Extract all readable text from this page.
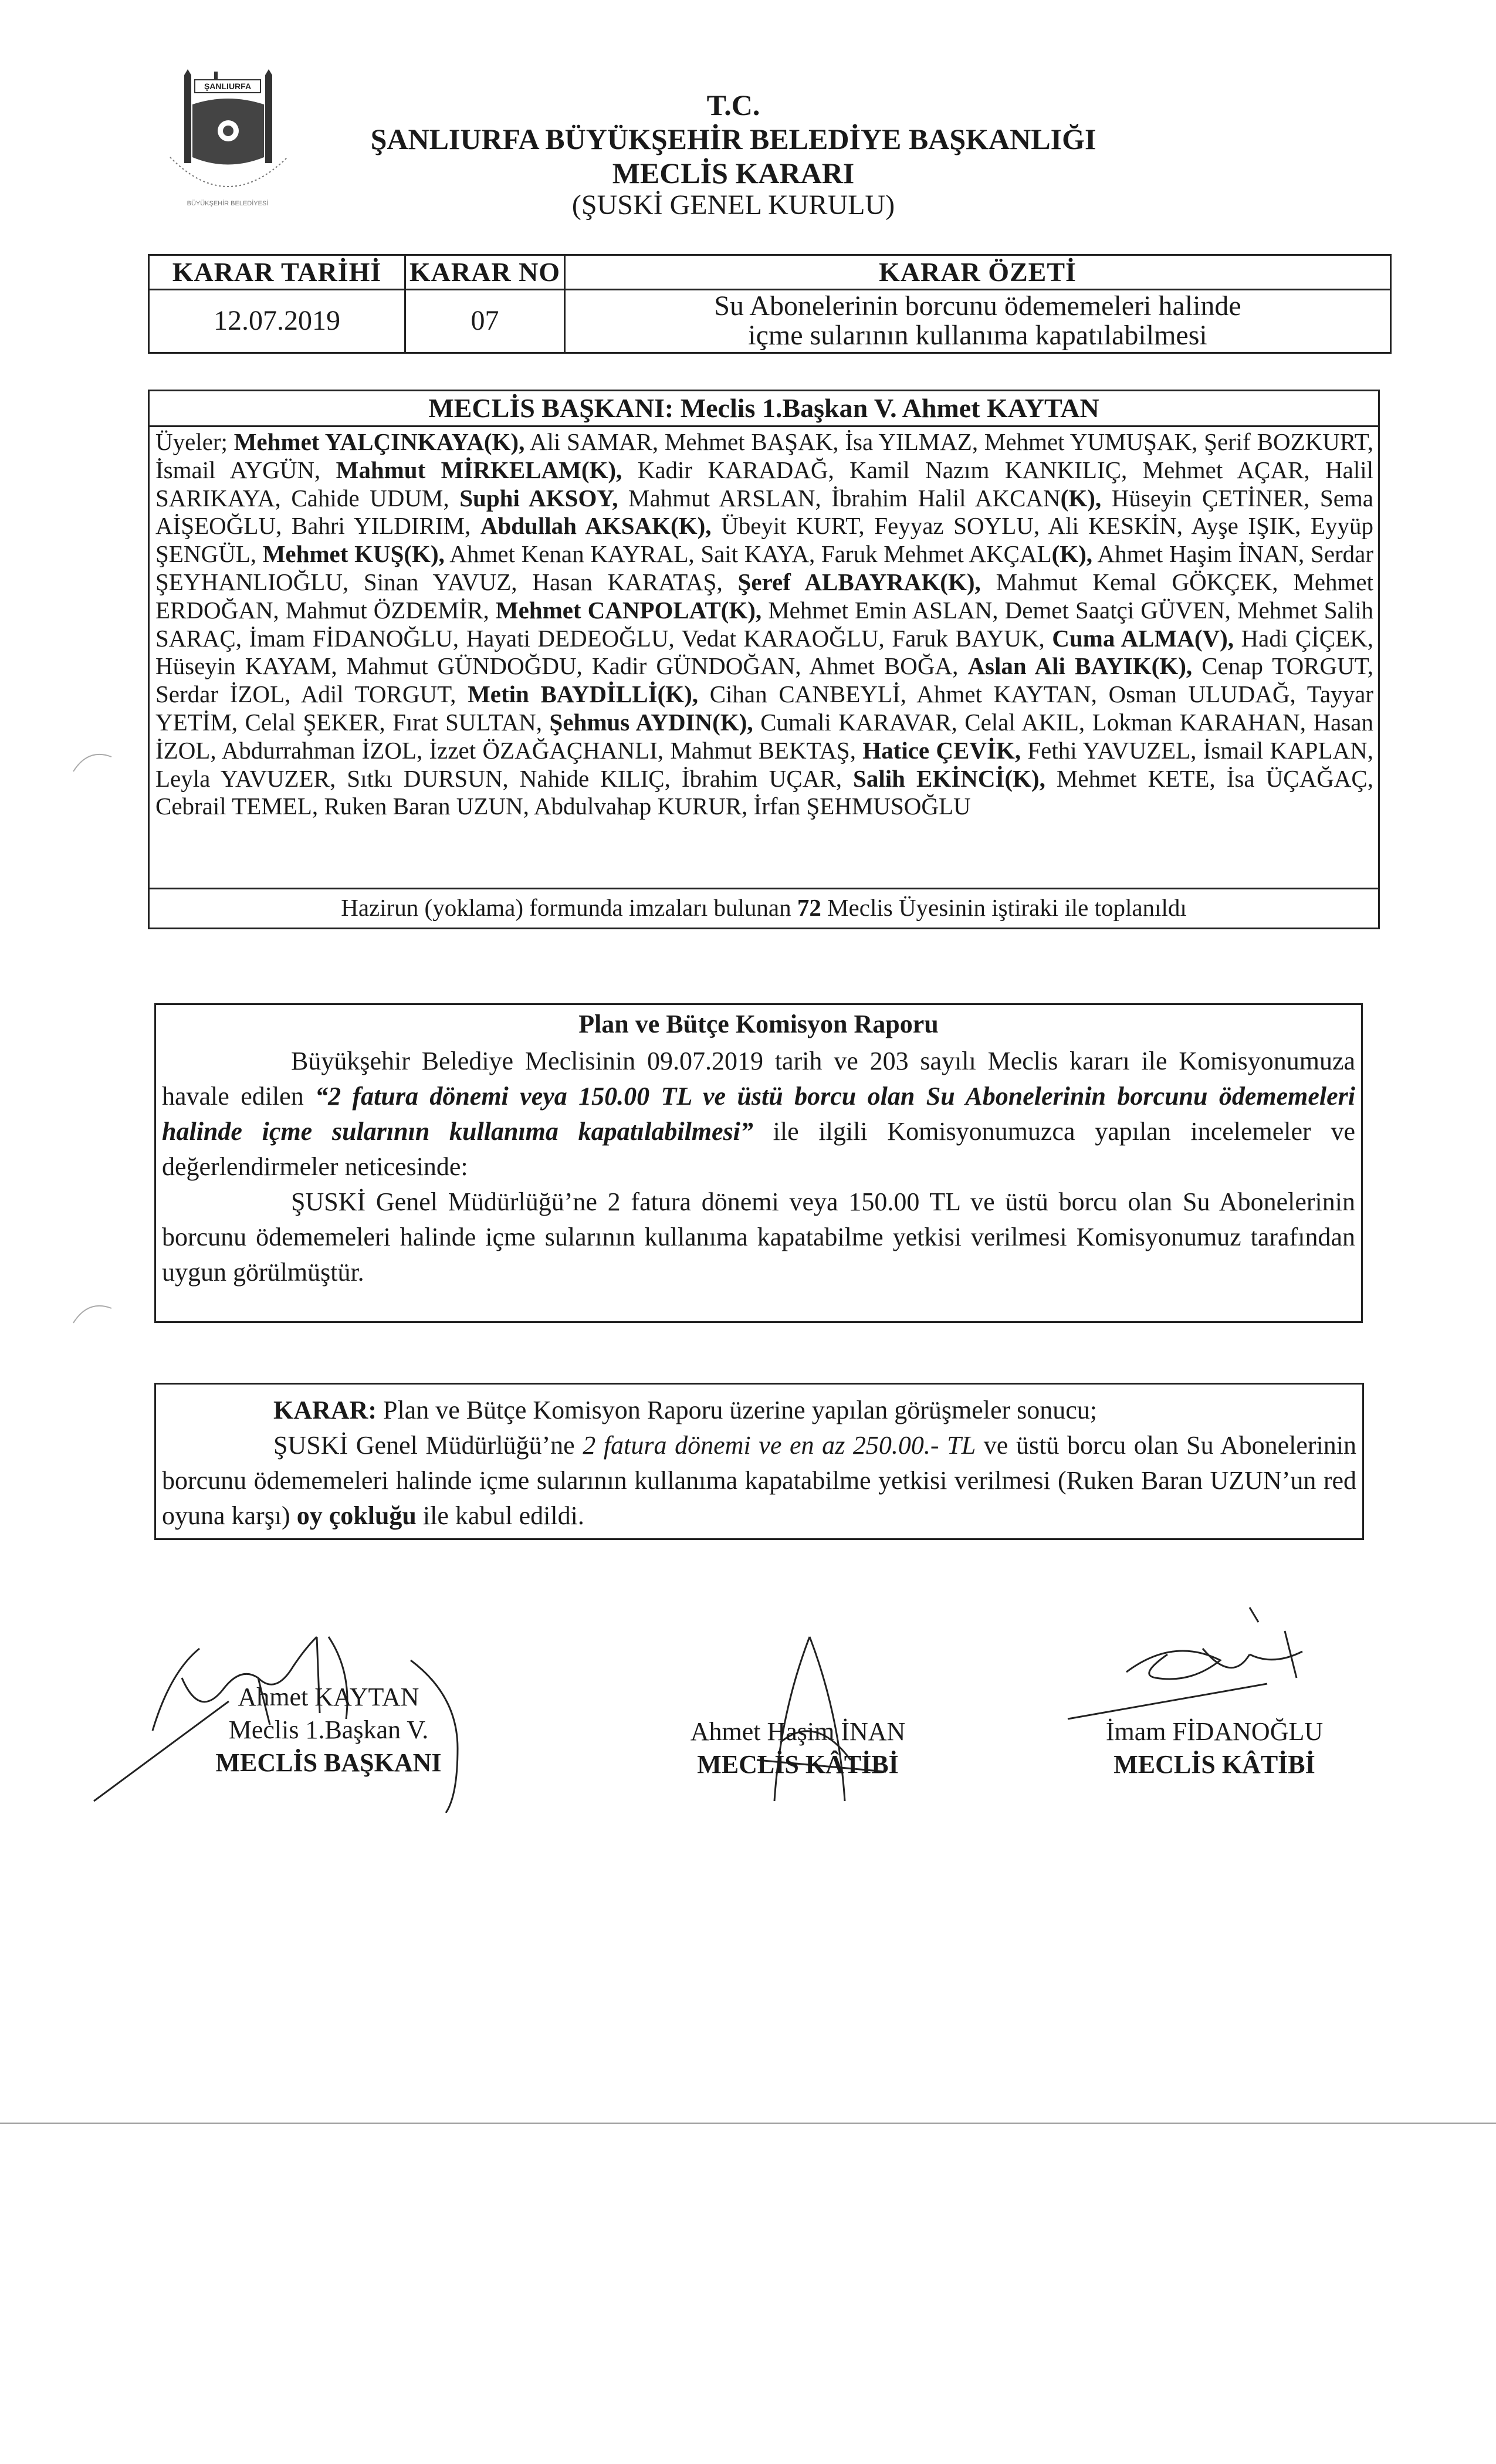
ŞANLIURFA
BÜYÜKŞEHİR BELEDİYESİ
T.C.
ŞANLIURFA BÜYÜKŞEHİR BELEDİYE BAŞKANLIĞI
MECLİS KARARI
(ŞUSKİ GENEL KURULU)
KARAR TARİHİ
12.07.2019
KARAR NO
07
KARAR ÖZETİ
Su Abonelerinin borcunu ödememeleri halinde
içme sularının kullanıma kapatılabilmesi
MECLİS BAŞKANI: Meclis 1.Başkan V. Ahmet KAYTAN
Üyeler; Mehmet YALÇINKAYA(K), Ali SAMAR, Mehmet BAŞAK, İsa YILMAZ, Mehmet YUMUŞAK, Şerif BOZKURT, İsmail AYGÜN, Mahmut MİRKELAM(K), Kadir KARADAĞ, Kamil Nazım KANKILIÇ, Mehmet AÇAR, Halil SARIKAYA, Cahide UDUM, Suphi AKSOY, Mahmut ARSLAN, İbrahim Halil AKCAN(K), Hüseyin ÇETİNER, Sema AİŞEOĞLU, Bahri YILDIRIM, Abdullah AKSAK(K), Übeyit KURT, Feyyaz SOYLU, Ali KESKİN, Ayşe IŞIK, Eyyüp ŞENGÜL, Mehmet KUŞ(K), Ahmet Kenan KAYRAL, Sait KAYA, Faruk Mehmet AKÇAL(K), Ahmet Haşim İNAN, Serdar ŞEYHANLIOĞLU, Sinan YAVUZ, Hasan KARATAŞ, Şeref ALBAYRAK(K), Mahmut Kemal GÖKÇEK, Mehmet ERDOĞAN, Mahmut ÖZDEMİR, Mehmet CANPOLAT(K), Mehmet Emin ASLAN, Demet Saatçi GÜVEN, Mehmet Salih SARAÇ, İmam FİDANOĞLU, Hayati DEDEOĞLU, Vedat KARAOĞLU, Faruk BAYUK, Cuma ALMA(V), Hadi ÇİÇEK, Hüseyin KAYAM, Mahmut GÜNDOĞDU, Kadir GÜNDOĞAN, Ahmet BOĞA, Aslan Ali BAYIK(K), Cenap TORGUT, Serdar İZOL, Adil TORGUT, Metin BAYDİLLİ(K), Cihan CANBEYLİ, Ahmet KAYTAN, Osman ULUDAĞ, Tayyar YETİM, Celal ŞEKER, Fırat SULTAN, Şehmus AYDIN(K), Cumali KARAVAR, Celal AKIL, Lokman KARAHAN, Hasan İZOL, Abdurrahman İZOL, İzzet ÖZAĞAÇHANLI, Mahmut BEKTAŞ, Hatice ÇEVİK, Fethi YAVUZEL, İsmail KAPLAN, Leyla YAVUZER, Sıtkı DURSUN, Nahide KILIÇ, İbrahim UÇAR, Salih EKİNCİ(K), Mehmet KETE, İsa ÜÇAĞAÇ, Cebrail TEMEL, Ruken Baran UZUN, Abdulvahap KURUR, İrfan ŞEHMUSOĞLU
Hazirun (yoklama) formunda imzaları bulunan 72 Meclis Üyesinin iştiraki ile toplanıldı
Plan ve Bütçe Komisyon Raporu
Büyükşehir Belediye Meclisinin 09.07.2019 tarih ve 203 sayılı Meclis kararı ile Komisyonumuza havale edilen “2 fatura dönemi veya 150.00 TL ve üstü borcu olan Su Abonelerinin borcunu ödememeleri halinde içme sularının kullanıma kapatılabilmesi” ile ilgili Komisyonumuzca yapılan incelemeler ve değerlendirmeler neticesinde:
ŞUSKİ Genel Müdürlüğü’ne 2 fatura dönemi veya 150.00 TL ve üstü borcu olan Su Abonelerinin borcunu ödememeleri halinde içme sularının kullanıma kapatabilme yetkisi verilmesi Komisyonumuz tarafından uygun görülmüştür.
KARAR: Plan ve Bütçe Komisyon Raporu üzerine yapılan görüşmeler sonucu;
ŞUSKİ Genel Müdürlüğü’ne 2 fatura dönemi ve en az 250.00.- TL ve üstü borcu olan Su Abonelerinin borcunu ödememeleri halinde içme sularının kullanıma kapatabilme yetkisi verilmesi (Ruken Baran UZUN’un red oyuna karşı) oy çokluğu ile kabul edildi.
Ahmet KAYTAN
Meclis 1.Başkan V.
MECLİS BAŞKANI
Ahmet Haşim İNAN
MECLİS KÂTİBİ
İmam FİDANOĞLU
MECLİS KÂTİBİ
